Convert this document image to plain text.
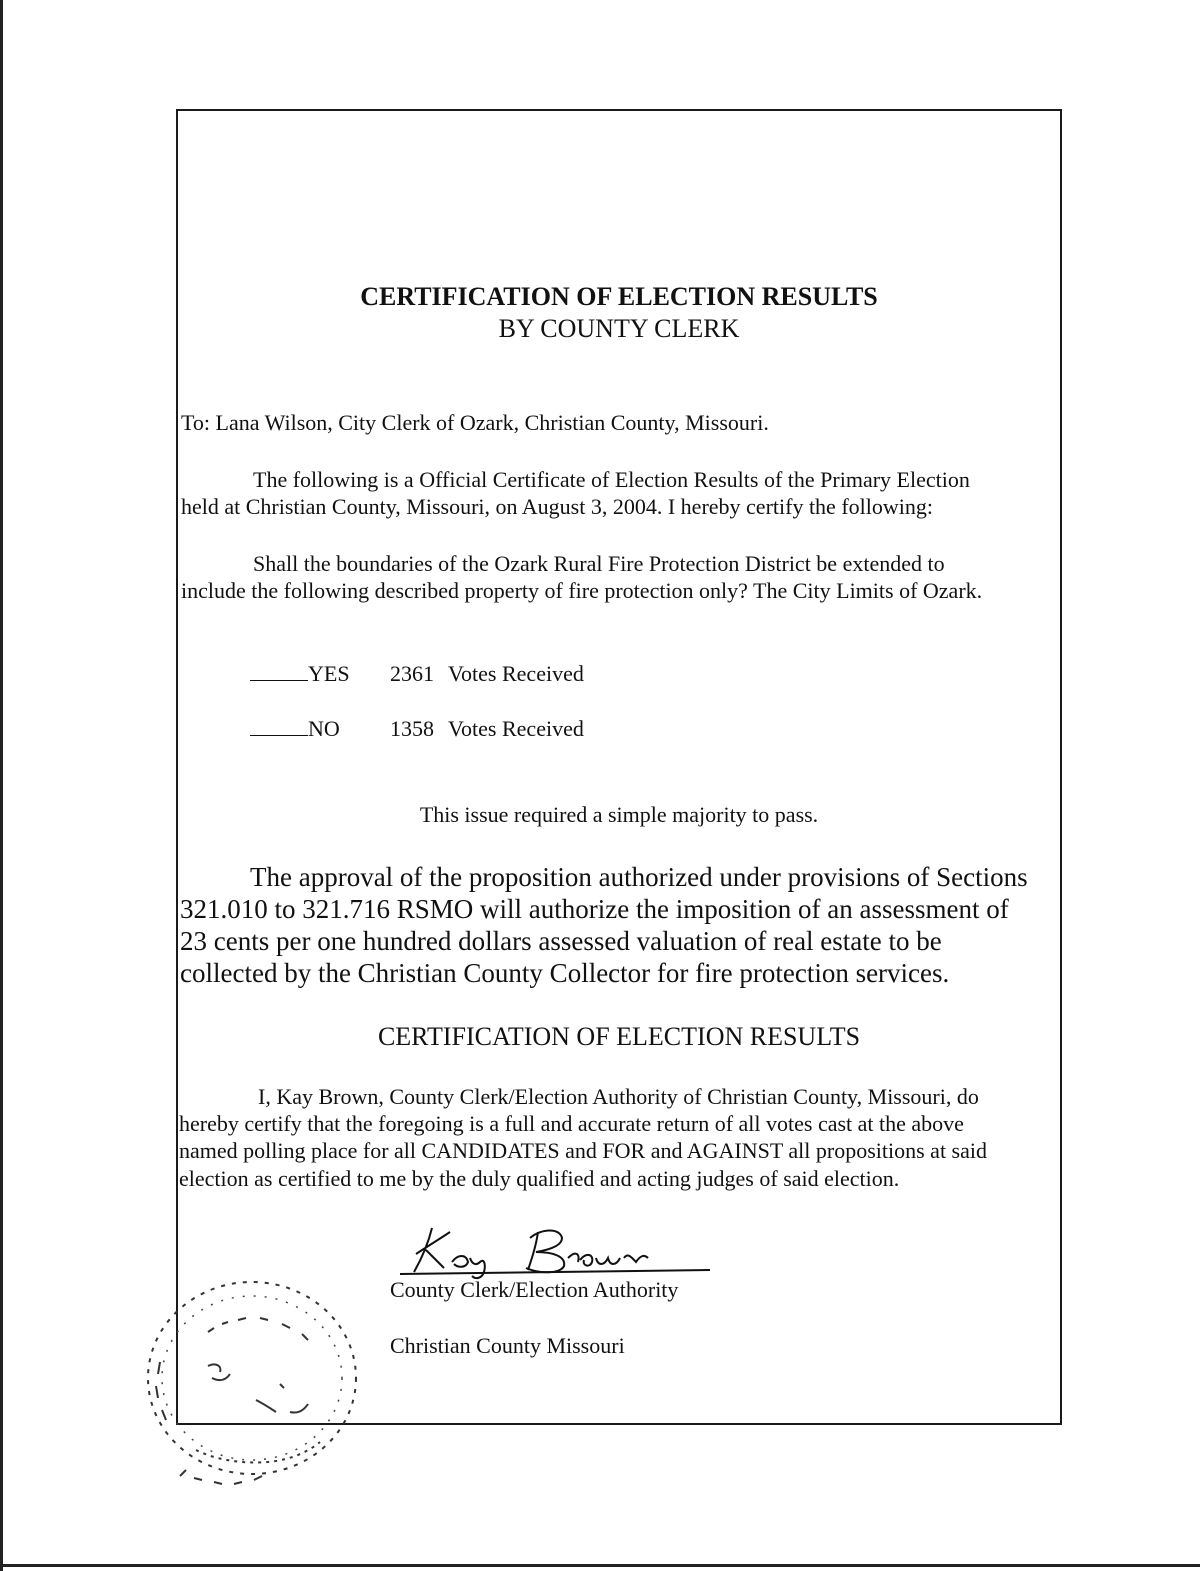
CERTIFICATION OF ELECTION RESULTS
BY COUNTY CLERK
To: Lana Wilson, City Clerk of Ozark, Christian County, Missouri.
The following is a Official Certificate of Election Results of the Primary Election
held at Christian County, Missouri, on August 3, 2004. I hereby certify the following:
Shall the boundaries of the Ozark Rural Fire Protection District be extended to
include the following described property of fire protection only? The City Limits of Ozark.
YES 2361 Votes Received
NO 1358 Votes Received
This issue required a simple majority to pass.
The approval of the proposition authorized under provisions of Sections
321.010 to 321.716 RSMO will authorize the imposition of an assessment of
23 cents per one hundred dollars assessed valuation of real estate to be
collected by the Christian County Collector for fire protection services.
CERTIFICATION OF ELECTION RESULTS
I, Kay Brown, County Clerk/Election Authority of Christian County, Missouri, do
hereby certify that the foregoing is a full and accurate return of all votes cast at the above
named polling place for all CANDIDATES and FOR and AGAINST all propositions at said
election as certified to me by the duly qualified and acting judges of said election.
County Clerk/Election Authority
Christian County Missouri
